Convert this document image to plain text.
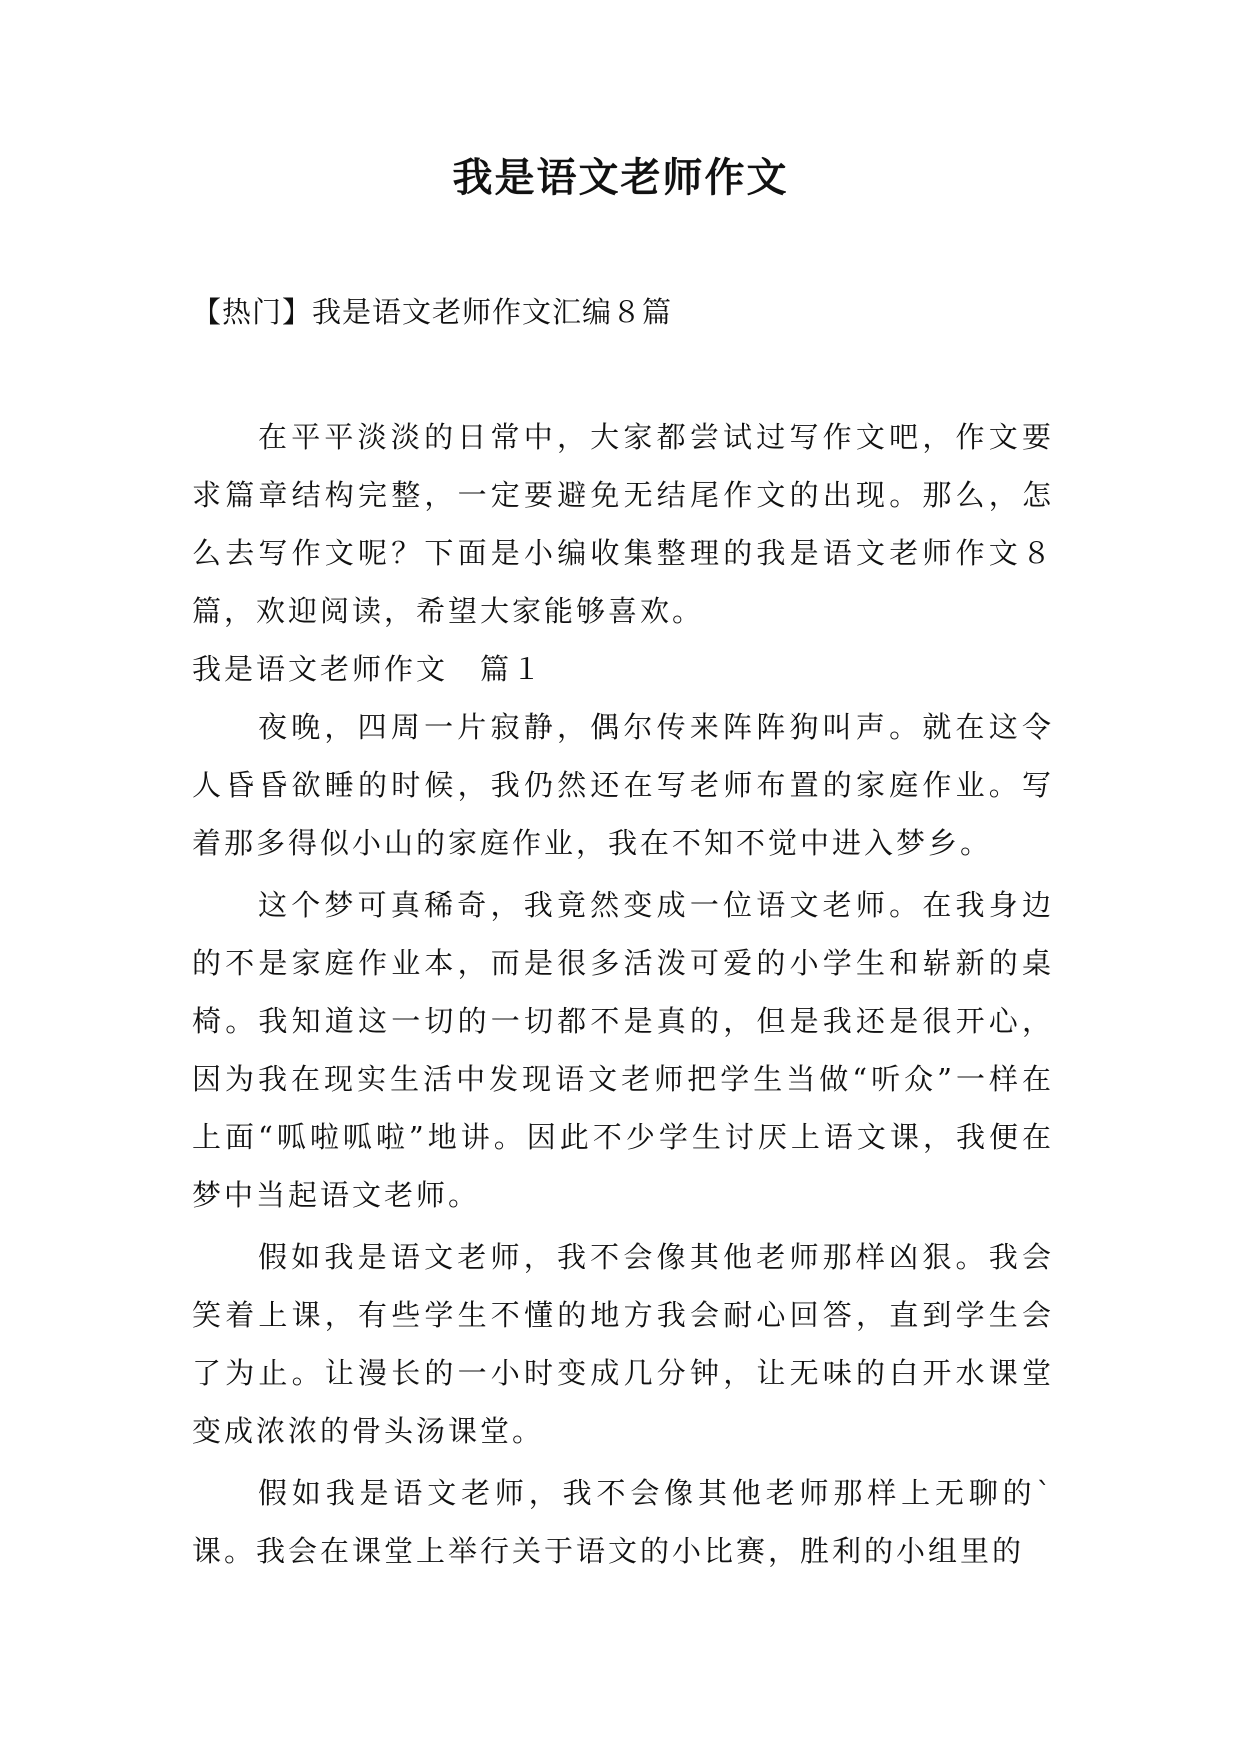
我是语文老师作文
【热门】我是语文老师作文汇编８篇

在平平淡淡的日常中，大家都尝试过写作文吧，作文要求篇章结构完整，一定要避免无结尾作文的出现。那么，怎么去写作文呢？下面是小编收集整理的我是语文老师作文８篇，欢迎阅读，希望大家能够喜欢。

我是语文老师作文　篇１

夜晚，四周一片寂静，偶尔传来阵阵狗叫声。就在这令人昏昏欲睡的时候，我仍然还在写老师布置的家庭作业。写着那多得似小山的家庭作业，我在不知不觉中进入梦乡。

这个梦可真稀奇，我竟然变成一位语文老师。在我身边的不是家庭作业本，而是很多活泼可爱的小学生和崭新的桌椅。我知道这一切的一切都不是真的，但是我还是很开心，因为我在现实生活中发现语文老师把学生当做“听众”一样在上面“呱啦呱啦”地讲。因此不少学生讨厌上语文课，我便在梦中当起语文老师。

假如我是语文老师，我不会像其他老师那样凶狠。我会笑着上课，有些学生不懂的地方我会耐心回答，直到学生会了为止。让漫长的一小时变成几分钟，让无味的白开水课堂变成浓浓的骨头汤课堂。

假如我是语文老师，我不会像其他老师那样上无聊的`课。我会在课堂上举行关于语文的小比赛，胜利的小组里的
